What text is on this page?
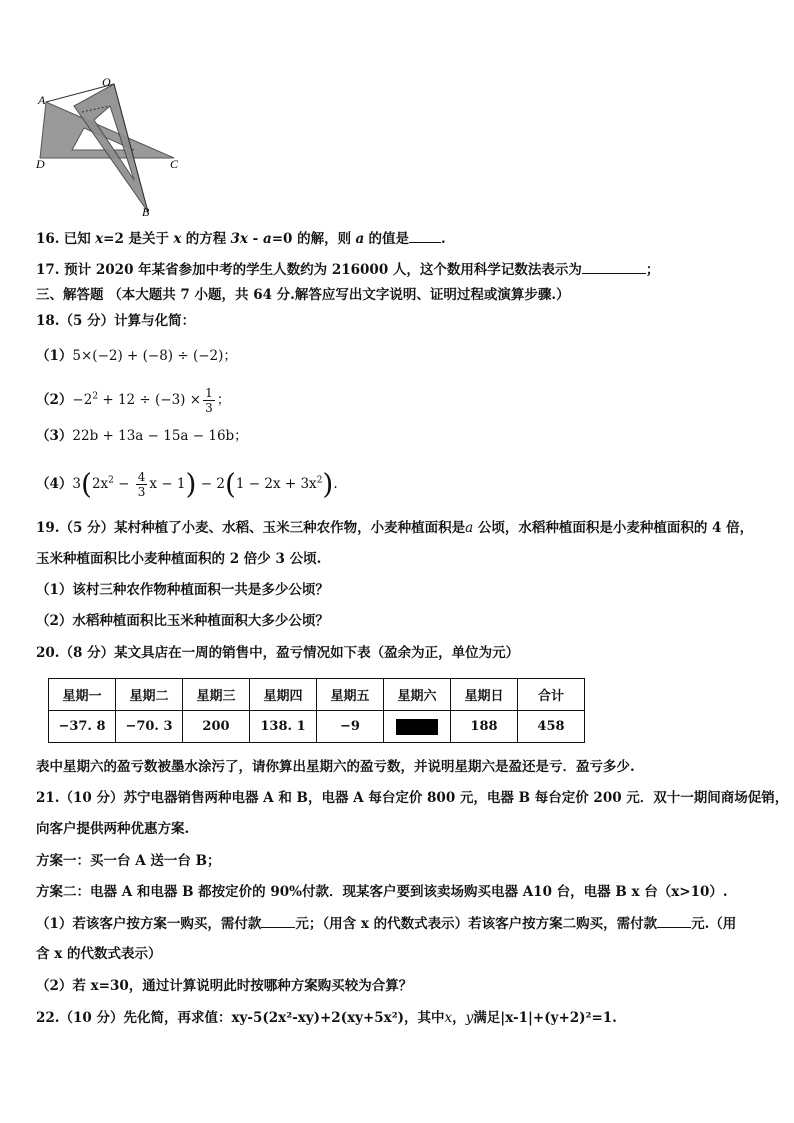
O
A
D	C
B
16. 已知 x=2 是关于 x 的方程 3x - a=0 的解，则 a 的值是 .
17. 预计 2020 年某省参加中考的学生人数约为 216000 人，这个数用科学记数法表示为	；
三、解答题 （本大题共 7 小题，共 64 分.解答应写出文字说明、证明过程或演算步骤.）
18.（5 分）计算与化简：
（1）5×(−2) + (−8) ÷ (−2)；
$(2)-2^2 + 12 \div (-3) \times \frac{1}{3}$ ；
（3）22b + 13a − 15a − 16b；
$(4)3(2x^2 - \frac{4}{3}$ $x - 1) - 2(1 - 2x + 3x^2)$.
19.（5 分）某村种植了小麦、水稻、玉米三种农作物，小麦种植面积是a 公顷，水稻种植面积是小麦种植面积的 4 倍，
玉米种植面积比小麦种植面积的 2 倍少 3 公顷.
（1）该村三种农作物种植面积一共是多少公顷？
（2）水稻种植面积比玉米种植面积大多少公顷？
20.（8 分）某文具店在一周的销售中，盈亏情况如下表（盈余为正，单位为元）
星期一	星期二	星期三	星期四	星期五	星期六	星期日	合计
−37. 8	−70. 3	200	138. 1	−9		188	458
表中星期六的盈亏数被墨水涂污了，请你算出星期六的盈亏数，并说明星期六是盈还是亏．盈亏多少.
21.（10 分）苏宁电器销售两种电器 A 和 B，电器 A 每台定价 800 元，电器 B 每台定价 200 元．双十一期间商场促销，
向客户提供两种优惠方案.
方案一：买一台 A 送一台 B；
方案二：电器 A 和电器 B 都按定价的 90%付款．现某客户要到该卖场购买电器 A10 台，电器 B x 台（x>10）.
（1）若该客户按方案一购买，需付款	元；（用含 x 的代数式表示）若该客户按方案二购买，需付款	元.（用
含 x 的代数式表示）
（2）若 x=30，通过计算说明此时按哪种方案购买较为合算？
22.（10 分）先化简，再求值：xy-5(2x²-xy)+2(xy+5x²)，其中x，y满足|x-1|+(y+2)²=1.
